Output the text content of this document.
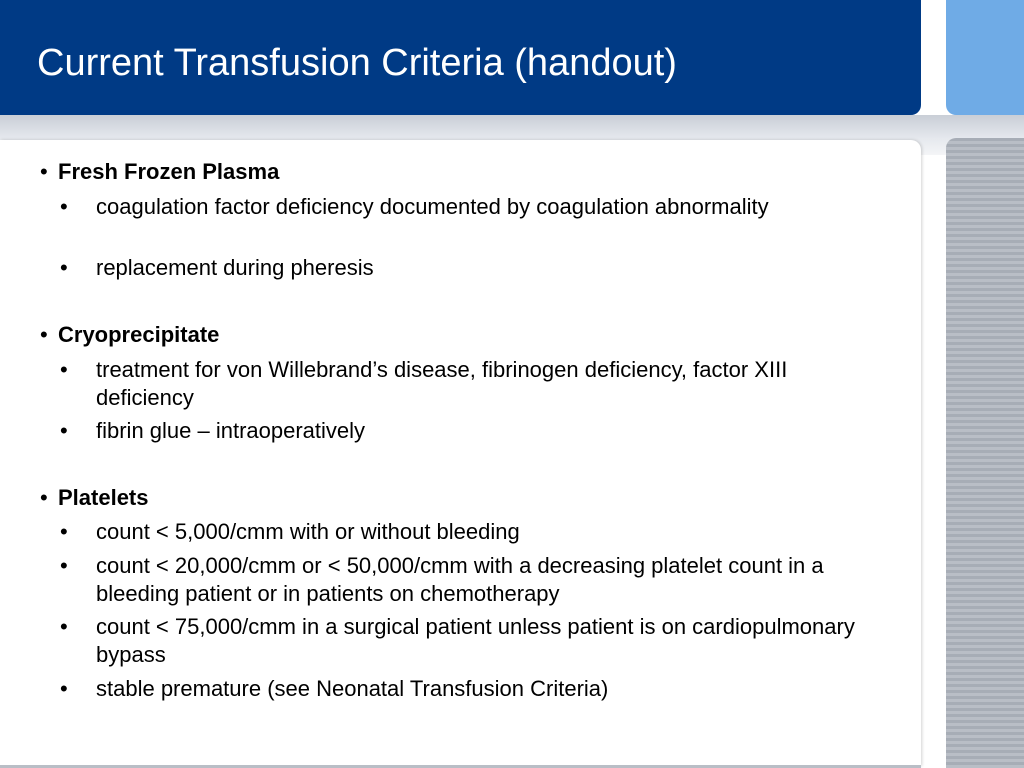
Current Transfusion Criteria (handout)
• Fresh Frozen Plasma
• coagulation factor deficiency documented by coagulation abnormality
• replacement during pheresis
• Cryoprecipitate
• treatment for von Willebrand’s disease, fibrinogen deficiency, factor XIII deficiency
• fibrin glue – intraoperatively
• Platelets
• count < 5,000/cmm with or without bleeding
• count < 20,000/cmm or < 50,000/cmm with a decreasing platelet count in a bleeding patient or in patients on chemotherapy
• count < 75,000/cmm in a surgical patient unless patient is on cardiopulmonary bypass
• stable premature (see Neonatal Transfusion Criteria)
